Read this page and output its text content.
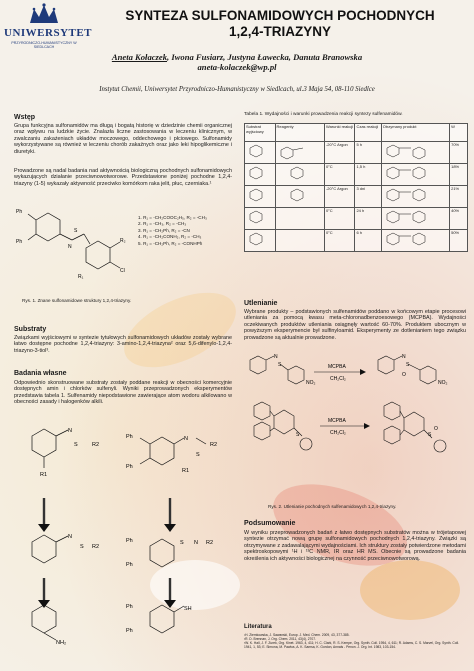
UNIWERSYTET
PRZYRODNICZO-HUMANISTYCZNY W SIEDLCACH
SYNTEZA SULFONAMIDOWYCH POCHODNYCH
1,2,4-TRIAZYNY
Aneta Kołaczek, Iwona Fusiarz, Justyna Ławecka, Danuta Branowska
aneta-kolaczek@wp.pl
Instytut Chemii, Uniwersytet Przyrodniczo-Humanistyczny w Siedlcach, ul.3 Maja 54, 08-110 Siedlce
Wstęp
Grupa funkcyjna sulfonamidów ma długą i bogatą historię w dziedzinie chemii organicznej oraz wpływu na ludzkie życie. Znalazła liczne zastosowania w leczeniu klinicznym, w zwalczaniu zakażeniach układów moczowego, oddechowego i płciowego. Sulfonamidy wykorzystywane są również w leczeniu chorób zakaźnych oraz jako leki hipoglikemiczne i diuretyki.
Prowadzone są nadal badania nad aktywnością biologiczną pochodnych sulfonamidowych wykazujących działanie przeciwnowotworowe. Przedstawione poniżej pochodne 1,2,4-triazyny (1-5) wykazały aktywność przeciwko komórkom raka jelit, płuc, czerniaka.¹
Ph
Ph
S
N
R₂
Cl
R₁
1. R₁ = -CH₂COOC₂H₅, R₂ = -CH₃
2. R₁ = -CH₃, R₂ = -CH₃
3. R₁ = -CH₂Ph, R₂ = -CN
4. R₁ = -CH₂CONH₂, R₂ = -CH₃
5. R₁ = -CH₂Ph, R₂ = -CONHPh
Rys. 1. Znane sulfonamidowe struktury 1,2,4-triazyny.
Substraty
Związkami wyjściowymi w syntezie tytułowych sulfonamidowych układów zostały wybrane łatwo dostępne pochodne 1,2,4-triazyny: 3-amino-1,2,4-triazyna² oraz 5,6-difenylo-1,2,4-triazyno-3-tiol³.
Badania własne
Odpowiednio skonstruowane substraty zostały poddane reakcji w obecności komercyjnie dostępnych amin i chlorków sulfenyli. Wyniki przeprowadzonych eksperymentów przedstawia tabela 1. Sulfenamidy niepodstawione zawierające atom wodoru alkilowano w obecności zasady i halogenków alkili.
N
S	R2
R1
Ph
Ph
N
S
R2
R1
N
S R2
Ph
Ph
S N R2
NH₂
Ph
Ph
SH
Tabela 1. Wydajności i warunki prowadzenia reakcji syntezy sulfenamidów.
Substrat wyjściowy	Reagenty	Warunki reakcji	Czas reakcji	Otrzymany produkt	W
		-20°C Argon	5 h		70%
		0°C	1,5 h		18%
		-20°C Argon	3 dni		21%
		0°C	24 h		40%
		0°C	6 h		50%
Utlenianie
Wybrane produkty – podstawionych sulfenamidów poddano w końcowym etapie procesowi utleniania za pomocą kwasu meta-chloronadbenzoesowego (MCPBA). Wydajności oczekiwanych produktów utleniania osiągnęły wartość 60-70%. Produktem ubocznym w powyższym eksperymencie był sulfinyloamid. Eksperymenty ze dotlenianiem tego związku prowadzone są aktualnie prowadzone.
N
S
NO₂
MCPBA
CH₂Cl₂
N
S
O
NO₂
MCPBA
CH₂Cl₂
S	S
O
Rys. 2. Utlenianie pochodnych sulfenamidowych 1,2,4-triazyny.
Podsumowanie
W wyniku przeprowadzonych badań z łatwo dostępnych substratów można w trójetapowej syntezie otrzymać nową grupę sulfonamidowych pochodnych 1,2,4-triazyny. Związki są otrzymywane z zadawalającymi wydajnościami. Ich struktury zostały potwierdzone metodami spektroskopowymi ¹H i ¹³C NMR, IR oraz HR MS. Obecnie są prowadzone badania określenia ich aktywności biologicznej na czynność przeciwnowotworową.
Literatura
¹H. Ziemkowska, J. Sawanski, Europ. J. Med. Chem. 2009, 43, 377-385.
²R. D. Brennan, J. Org. Chem. 2011, 43(4), 2707.
³W. K. Hall, J. F. Zurek, Org. Kinet. 1963, 4, 411; H. C. Clark, R. S. Kempe, Org. Synth. Coll. 1954, 4, 611; R. Adams, C. S. Marvel, Org. Synth. Coll. 1941, 1, 53; E. Simona, M. Pawlus, A. K. Samsa, K. Gordon, Annals - Penon. J. Org. Int. 1983, 103-154.
